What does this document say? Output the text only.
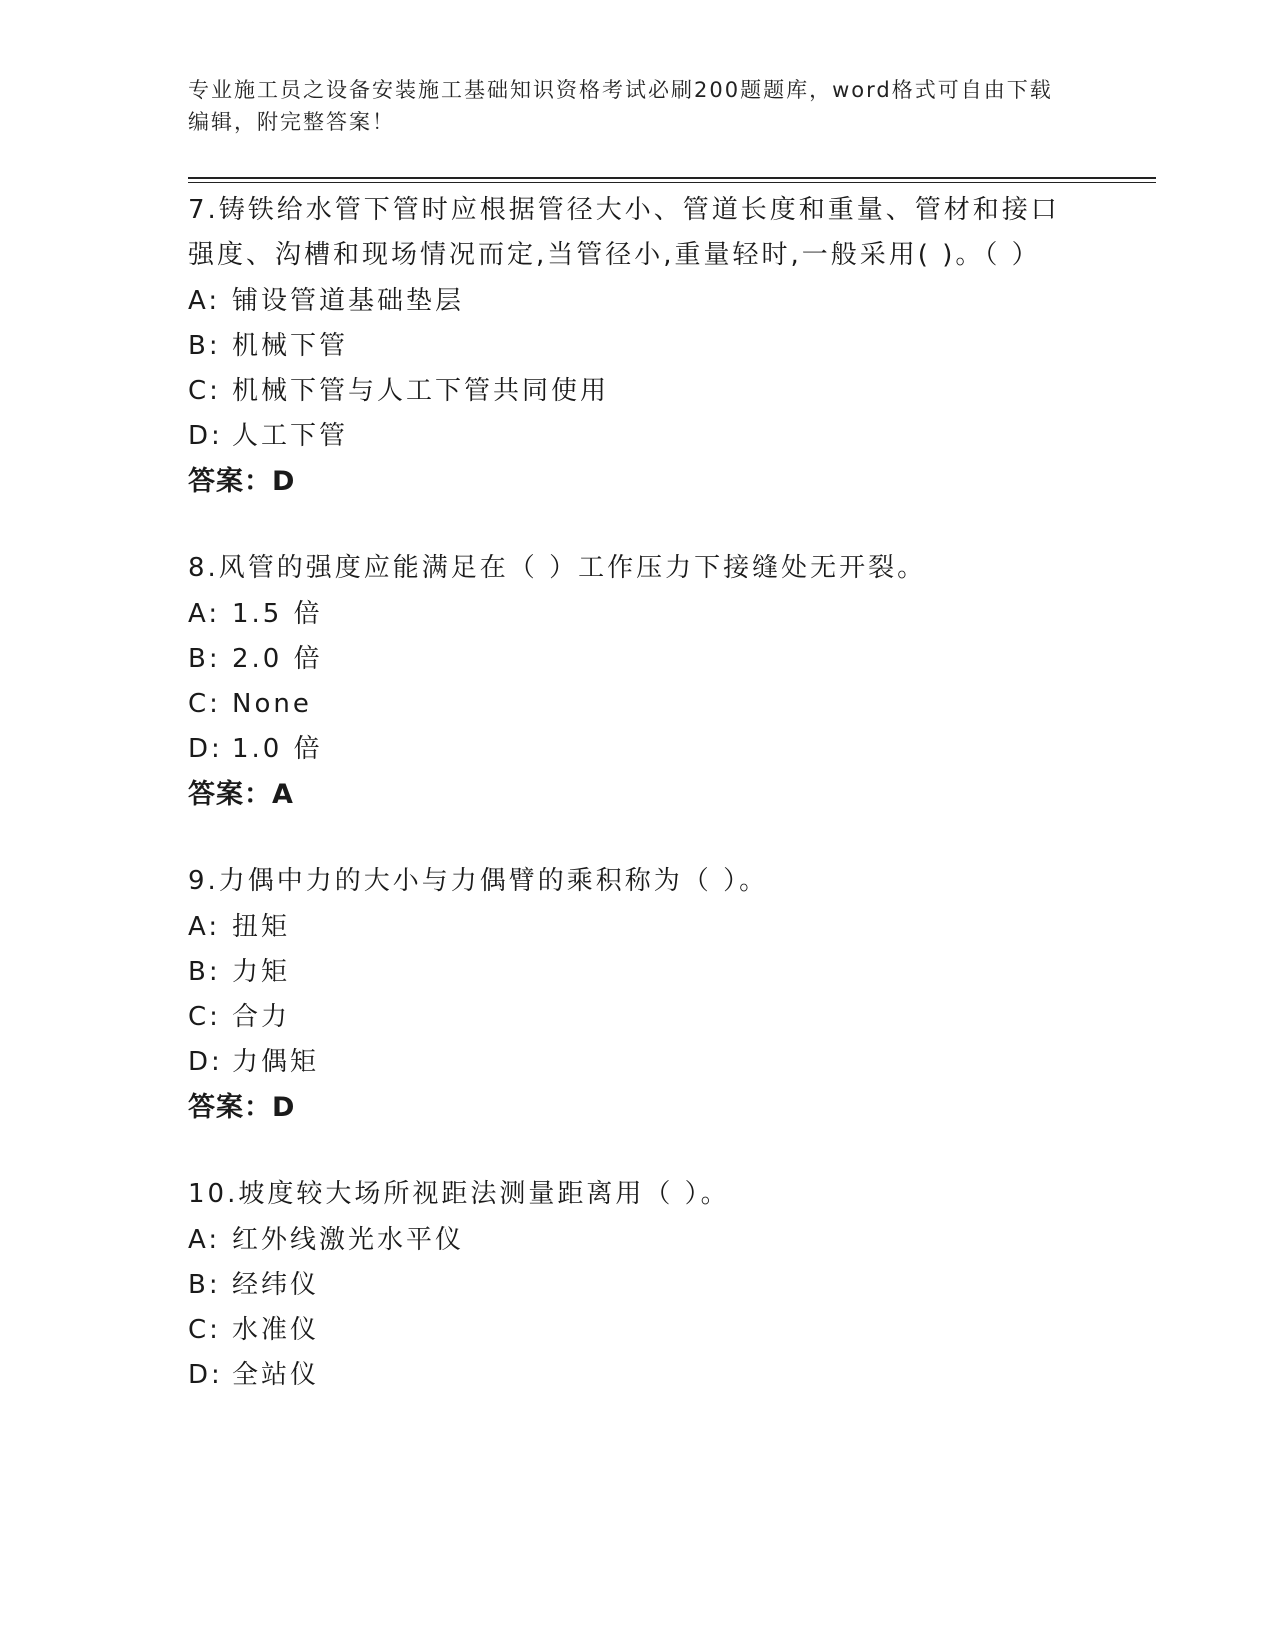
专业施工员之设备安装施工基础知识资格考试必刷200题题库，word格式可自由下载编辑，附完整答案！
7.铸铁给水管下管时应根据管径大小、管道长度和重量、管材和接口强度、沟槽和现场情况而定,当管径小,重量轻时,一般采用( )。（ ）
A: 铺设管道基础垫层
B: 机械下管
C: 机械下管与人工下管共同使用
D: 人工下管
答案：D
8.风管的强度应能满足在（ ）工作压力下接缝处无开裂。
A: 1.5 倍
B: 2.0 倍
C: None
D: 1.0 倍
答案：A
9.力偶中力的大小与力偶臂的乘积称为（ ）。
A: 扭矩
B: 力矩
C: 合力
D: 力偶矩
答案：D
10.坡度较大场所视距法测量距离用（ ）。
A: 红外线激光水平仪
B: 经纬仪
C: 水准仪
D: 全站仪
